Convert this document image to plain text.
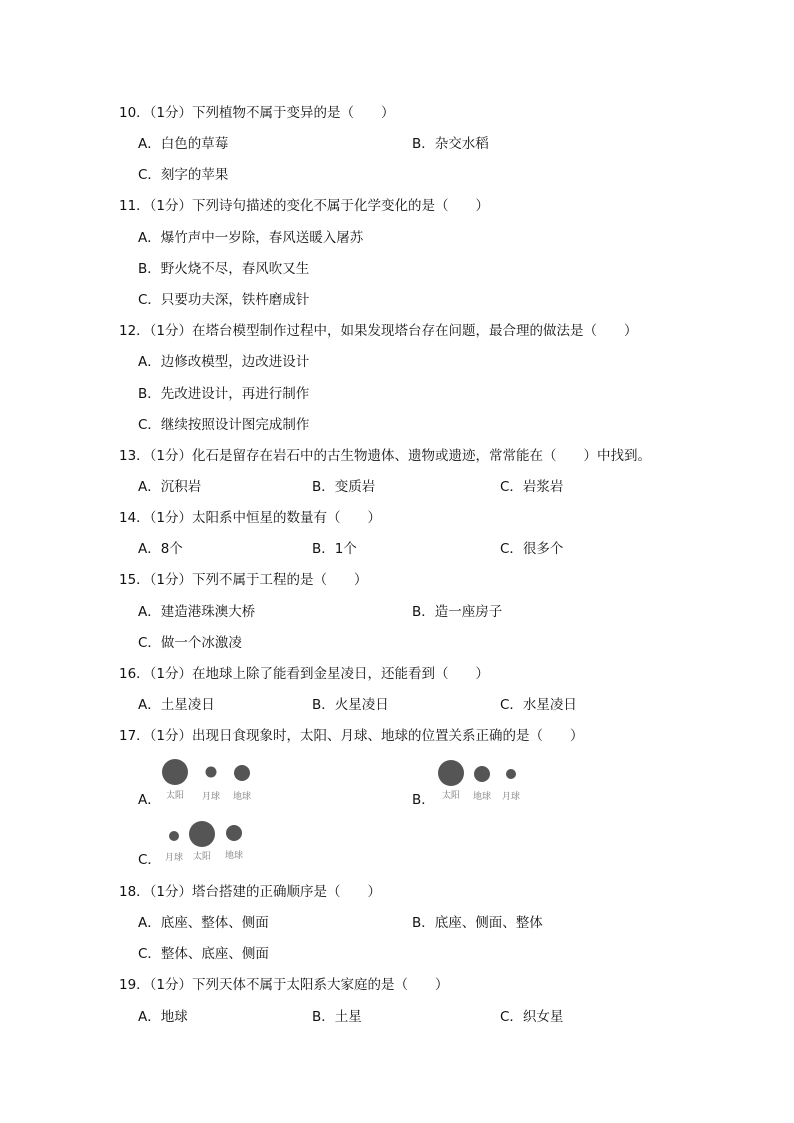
10．（1分）下列植物不属于变异的是（　　）
A．白色的草莓	B．杂交水稻
C．刻字的苹果
11．（1分）下列诗句描述的变化不属于化学变化的是（　　）
A．爆竹声中一岁除，春风送暖入屠苏
B．野火烧不尽，春风吹又生
C．只要功夫深，铁杵磨成针
12．（1分）在塔台模型制作过程中，如果发现塔台存在问题，最合理的做法是（　　）
A．边修改模型，边改进设计
B．先改进设计，再进行制作
C．继续按照设计图完成制作
13．（1分）化石是留存在岩石中的古生物遗体、遗物或遗迹，常常能在（　　）中找到。
A．沉积岩	B．变质岩	C．岩浆岩
14．（1分）太阳系中恒星的数量有（　　）
A．8个	B．1个	C．很多个
15．（1分）下列不属于工程的是（　　）
A．建造港珠澳大桥	B．造一座房子
C．做一个冰激凌
16．（1分）在地球上除了能看到金星凌日，还能看到（　　）
A．土星凌日	B．火星凌日	C．水星凌日
17．（1分）出现日食现象时，太阳、月球、地球的位置关系正确的是（　　）
A． 太阳 月球 地球	B． 太阳 地球 月球
C． 月球 太阳 地球
18．（1分）塔台搭建的正确顺序是（　　）
A．底座、整体、侧面	B．底座、侧面、整体
C．整体、底座、侧面
19．（1分）下列天体不属于太阳系大家庭的是（　　）
A．地球	B．土星	C．织女星
